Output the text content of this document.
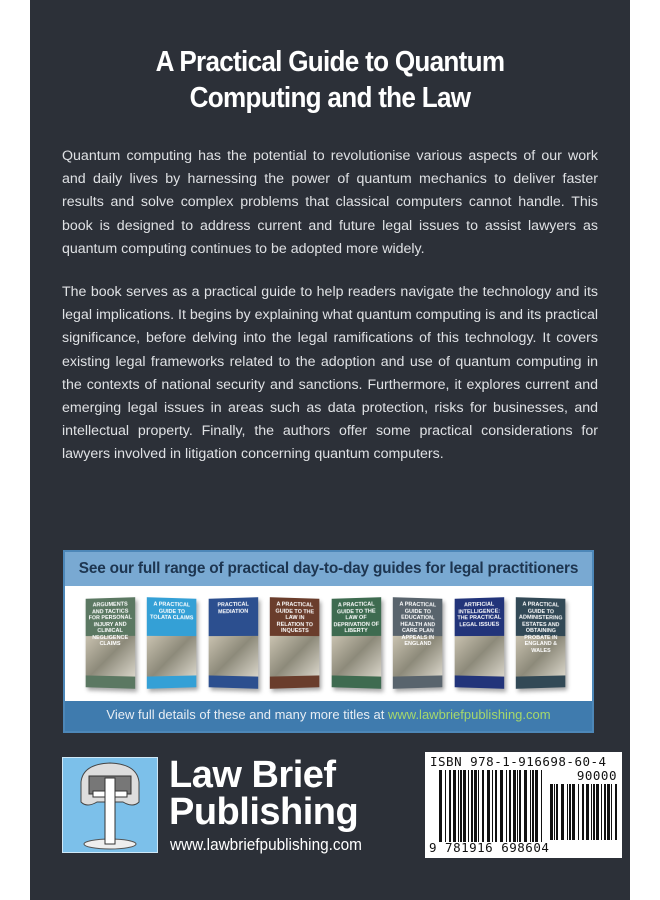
A Practical Guide to Quantum
Computing and the Law

Quantum computing has the potential to revolutionise various aspects of our work and daily lives by harnessing the power of quantum mechanics to deliver faster results and solve complex problems that classical computers cannot handle. This book is designed to address current and future legal issues to assist lawyers as quantum computing continues to be adopted more widely.

The book serves as a practical guide to help readers navigate the technology and its legal implications. It begins by explaining what quantum computing is and its practical significance, before delving into the legal ramifications of this technology. It covers existing legal frameworks related to the adoption and use of quantum computing in the contexts of national security and sanctions. Furthermore, it explores current and emerging legal issues in areas such as data protection, risks for businesses, and intellectual property. Finally, the authors offer some practical considerations for lawyers involved in litigation concerning quantum computers.

See our full range of practical day-to-day guides for legal practitioners
ARGUMENTS AND TACTICS FOR PERSONAL INJURY AND CLINICAL NEGLIGENCE CLAIMS
A PRACTICAL GUIDE TO TOLATA CLAIMS
PRACTICAL MEDIATION
A PRACTICAL GUIDE TO THE LAW IN RELATION TO INQUESTS
A PRACTICAL GUIDE TO THE LAW OF DEPRIVATION OF LIBERTY
A PRACTICAL GUIDE TO EDUCATION, HEALTH AND CARE PLAN APPEALS IN ENGLAND
ARTIFICIAL INTELLIGENCE: THE PRACTICAL LEGAL ISSUES
A PRACTICAL GUIDE TO ADMINISTERING ESTATES AND OBTAINING PROBATE IN ENGLAND & WALES
View full details of these and many more titles at www.lawbriefpublishing.com
Law Brief
Publishing
www.lawbriefpublishing.com
ISBN 978-1-916698-60-4
90000
9 781916 698604
